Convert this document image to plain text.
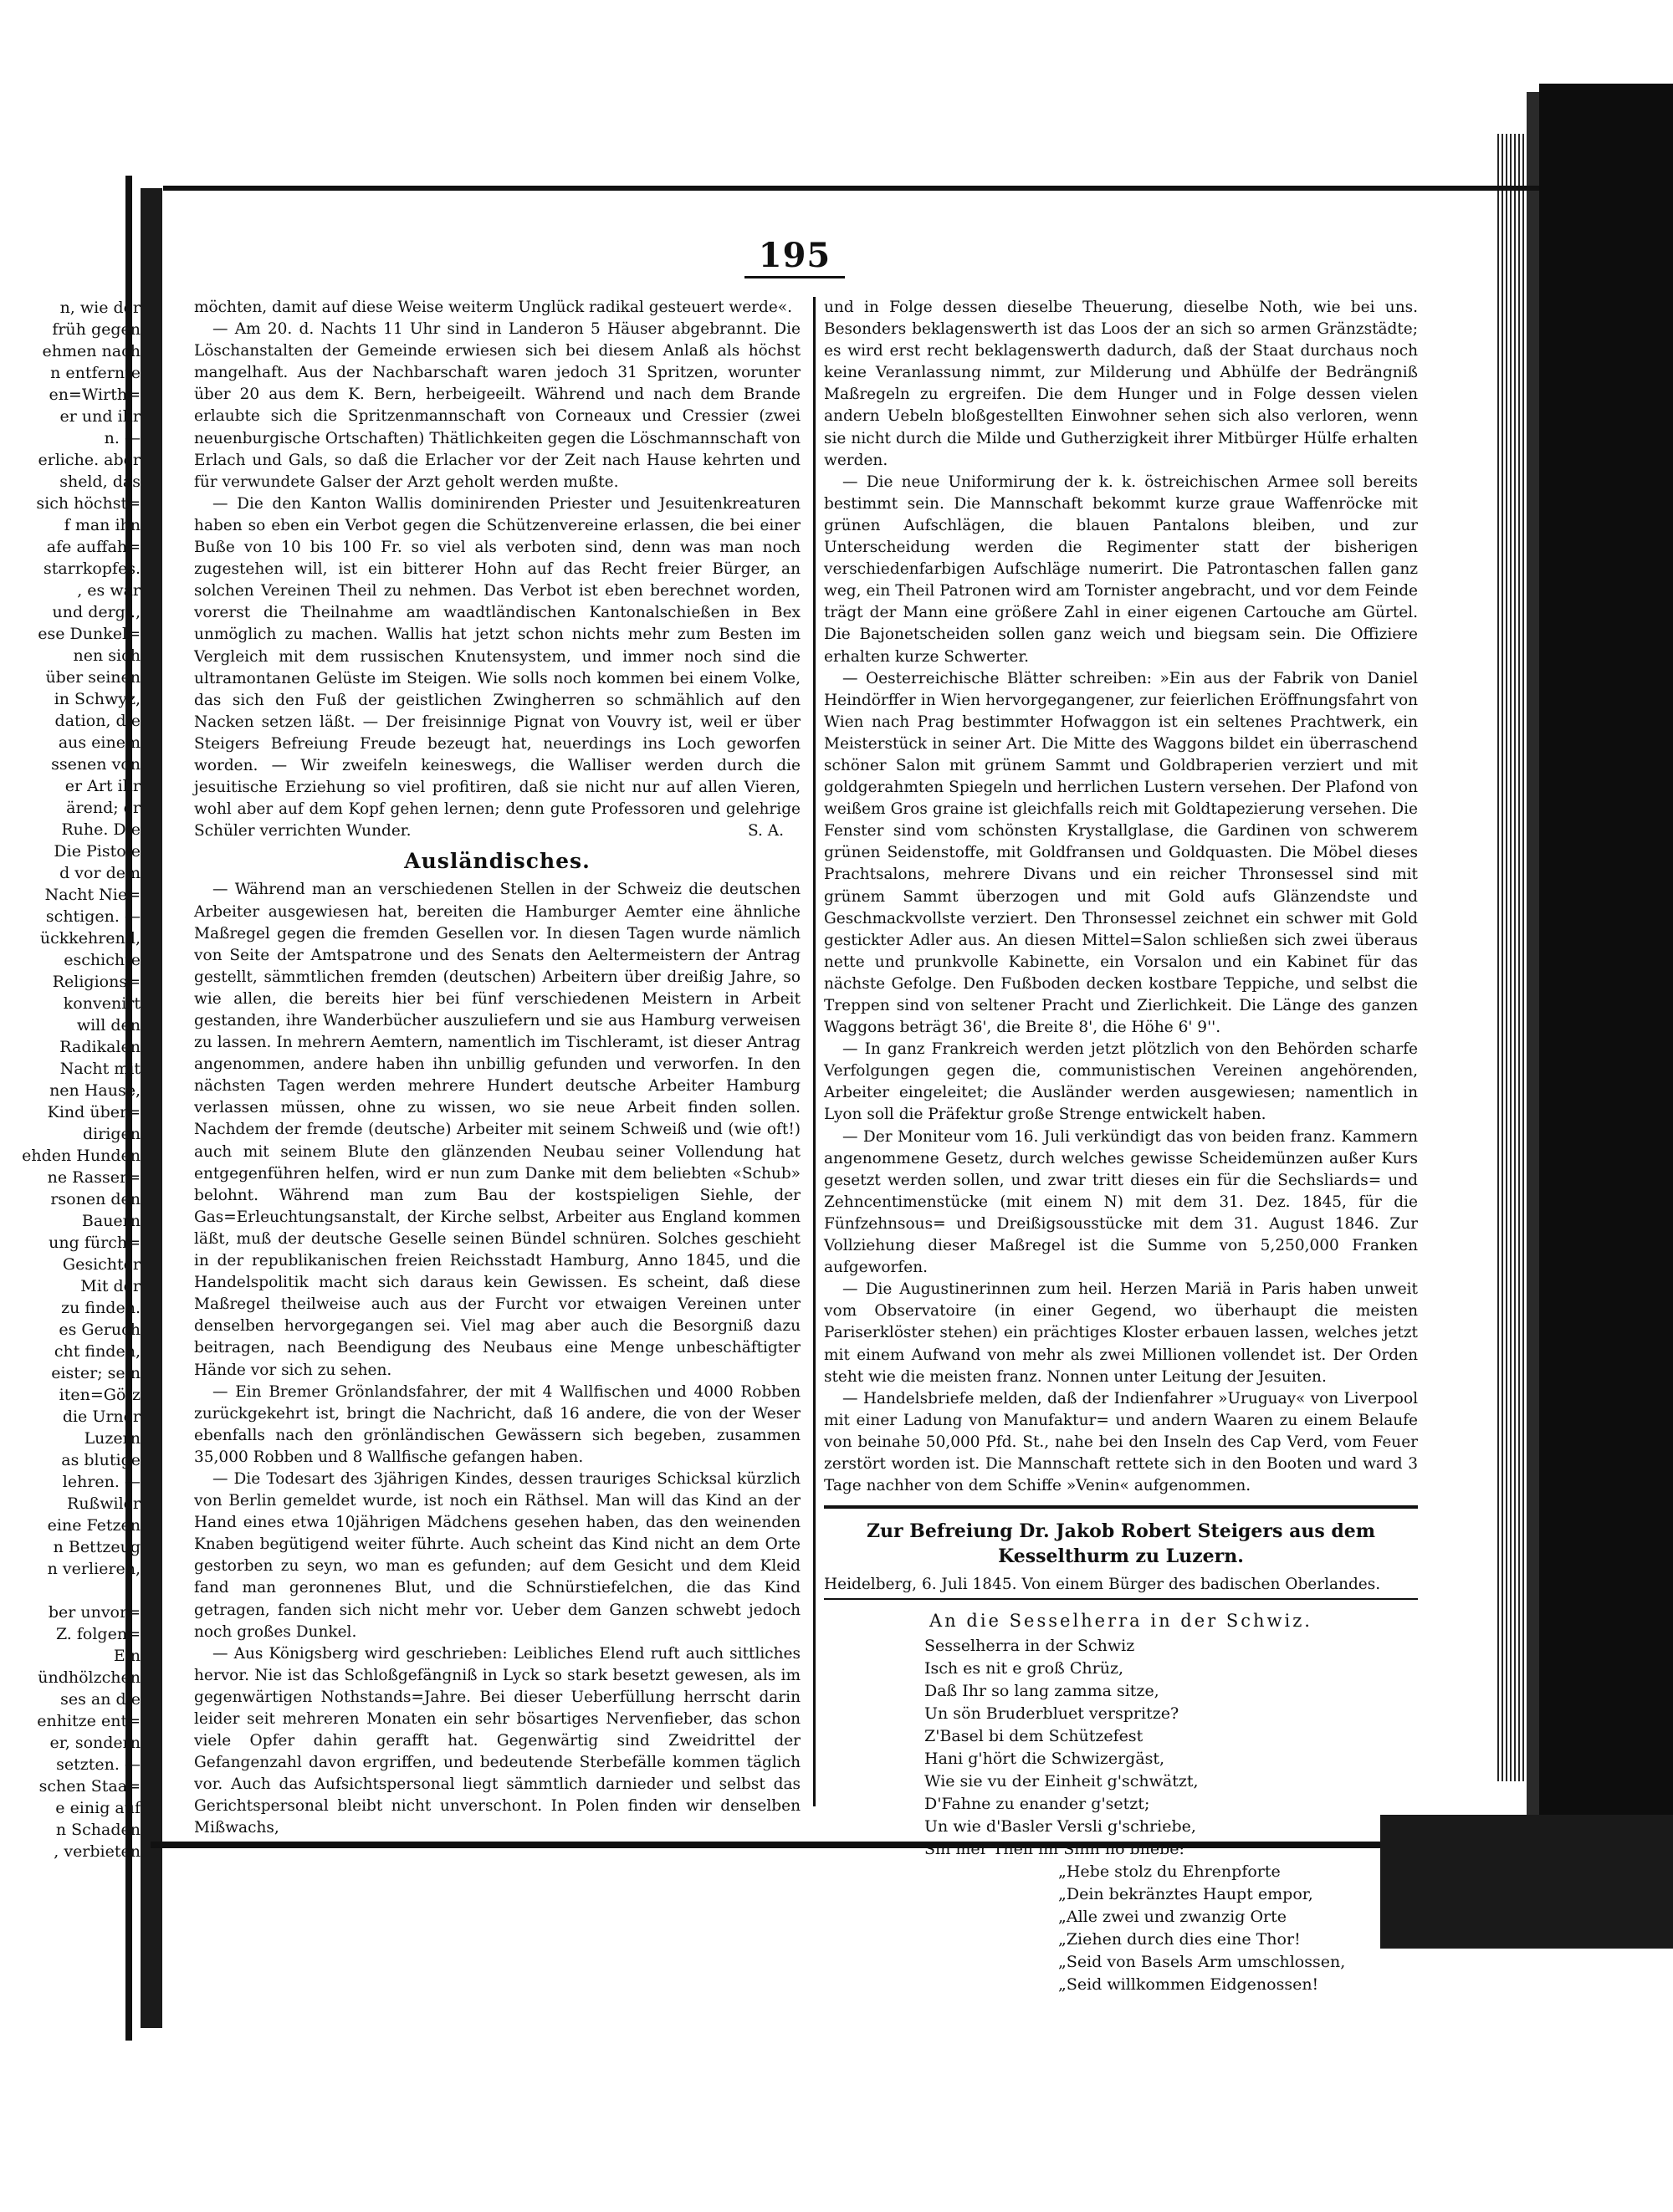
195
n, wie der
früh gegen
ehmen nach
n entfernte
en=Wirth=
er und ihr
n. —
erliche. aber
sheld, das
sich höchst=
f man ihn
afe auffah=
starrkopfes.
, es war
und dergl.,
ese Dunkel=
nen sich
über seinen
in Schwyz,
dation, die
aus einem
ssenen von
er Art ihr
ärend; er
Ruhe. Die
Die Pistole
d vor dem
Nacht Nie=
schtigen. —
ückkehrend,
eschichte
Religions=
konvenirt
will den
Radikalen
Nacht mit
nen Hause,
Kind über=
dirigen
ehden Hunden
ne Rasser=
rsonen den
Bauern
ung fürch=
Gesichter
Mit der
zu finden.
es Geruch
cht finden,
eister; sein
iten=Götz
die Urner
Luzern
as blutige
lehren. —
Rußwiler
eine Fetzen
n Bettzeug
n verlieren,
ber unvor=
Z. folgen=
Ein
ündhölzchen
ses an die
enhitze ent=
er, sondern
setzten. —
schen Staa=
e einig auf
n Schaden
, verbieten

möchten, damit auf diese Weise weiterm Unglück radikal gesteuert werde«.

— Am 20. d. Nachts 11 Uhr sind in Landeron 5 Häuser abgebrannt. Die Löschanstalten der Gemeinde erwiesen sich bei diesem Anlaß als höchst mangelhaft. Aus der Nachbarschaft waren jedoch 31 Spritzen, worunter über 20 aus dem K. Bern, herbeigeeilt. Während und nach dem Brande erlaubte sich die Spritzenmannschaft von Corneaux und Cressier (zwei neuenburgische Ortschaften) Thätlichkeiten gegen die Löschmannschaft von Erlach und Gals, so daß die Erlacher vor der Zeit nach Hause kehrten und für verwundete Galser der Arzt geholt werden mußte.

— Die den Kanton Wallis dominirenden Priester und Jesuitenkreaturen haben so eben ein Verbot gegen die Schützenvereine erlassen, die bei einer Buße von 10 bis 100 Fr. so viel als verboten sind, denn was man noch zugestehen will, ist ein bitterer Hohn auf das Recht freier Bürger, an solchen Vereinen Theil zu nehmen. Das Verbot ist eben berechnet worden, vorerst die Theilnahme am waadtländischen Kantonalschießen in Bex unmöglich zu machen. Wallis hat jetzt schon nichts mehr zum Besten im Vergleich mit dem russischen Knutensystem, und immer noch sind die ultramontanen Gelüste im Steigen. Wie solls noch kommen bei einem Volke, das sich den Fuß der geistlichen Zwingherren so schmählich auf den Nacken setzen läßt. — Der freisinnige Pignat von Vouvry ist, weil er über Steigers Befreiung Freude bezeugt hat, neuerdings ins Loch geworfen worden. — Wir zweifeln keineswegs, die Walliser werden durch die jesuitische Erziehung so viel profitiren, daß sie nicht nur auf allen Vieren, wohl aber auf dem Kopf gehen lernen; denn gute Professoren und gelehrige Schüler verrichten Wunder.	S. A.

Ausländisches.

— Während man an verschiedenen Stellen in der Schweiz die deutschen Arbeiter ausgewiesen hat, bereiten die Hamburger Aemter eine ähnliche Maßregel gegen die fremden Gesellen vor. In diesen Tagen wurde nämlich von Seite der Amtspatrone und des Senats den Aeltermeistern der Antrag gestellt, sämmtlichen fremden (deutschen) Arbeitern über dreißig Jahre, so wie allen, die bereits hier bei fünf verschiedenen Meistern in Arbeit gestanden, ihre Wanderbücher auszuliefern und sie aus Hamburg verweisen zu lassen. In mehrern Aemtern, namentlich im Tischleramt, ist dieser Antrag angenommen, andere haben ihn unbillig gefunden und verworfen. In den nächsten Tagen werden mehrere Hundert deutsche Arbeiter Hamburg verlassen müssen, ohne zu wissen, wo sie neue Arbeit finden sollen. Nachdem der fremde (deutsche) Arbeiter mit seinem Schweiß und (wie oft!) auch mit seinem Blute den glänzenden Neubau seiner Vollendung hat entgegenführen helfen, wird er nun zum Danke mit dem beliebten «Schub» belohnt. Während man zum Bau der kostspieligen Siehle, der Gas=Erleuchtungsanstalt, der Kirche selbst, Arbeiter aus England kommen läßt, muß der deutsche Geselle seinen Bündel schnüren. Solches geschieht in der republikanischen freien Reichsstadt Hamburg, Anno 1845, und die Handelspolitik macht sich daraus kein Gewissen. Es scheint, daß diese Maßregel theilweise auch aus der Furcht vor etwaigen Vereinen unter denselben hervorgegangen sei. Viel mag aber auch die Besorgniß dazu beitragen, nach Beendigung des Neubaus eine Menge unbeschäftigter Hände vor sich zu sehen.

— Ein Bremer Grönlandsfahrer, der mit 4 Wallfischen und 4000 Robben zurückgekehrt ist, bringt die Nachricht, daß 16 andere, die von der Weser ebenfalls nach den grönländischen Gewässern sich begeben, zusammen 35,000 Robben und 8 Wallfische gefangen haben.

— Die Todesart des 3jährigen Kindes, dessen trauriges Schicksal kürzlich von Berlin gemeldet wurde, ist noch ein Räthsel. Man will das Kind an der Hand eines etwa 10jährigen Mädchens gesehen haben, das den weinenden Knaben begütigend weiter führte. Auch scheint das Kind nicht an dem Orte gestorben zu seyn, wo man es gefunden; auf dem Gesicht und dem Kleid fand man geronnenes Blut, und die Schnürstiefelchen, die das Kind getragen, fanden sich nicht mehr vor. Ueber dem Ganzen schwebt jedoch noch großes Dunkel.

— Aus Königsberg wird geschrieben: Leibliches Elend ruft auch sittliches hervor. Nie ist das Schloßgefängniß in Lyck so stark besetzt gewesen, als im gegenwärtigen Nothstands=Jahre. Bei dieser Ueberfüllung herrscht darin leider seit mehreren Monaten ein sehr bösartiges Nervenfieber, das schon viele Opfer dahin gerafft hat. Gegenwärtig sind Zweidrittel der Gefangenzahl davon ergriffen, und bedeutende Sterbefälle kommen täglich vor. Auch das Aufsichtspersonal liegt sämmtlich darnieder und selbst das Gerichtspersonal bleibt nicht unverschont. In Polen finden wir denselben Mißwachs,

und in Folge dessen dieselbe Theuerung, dieselbe Noth, wie bei uns. Besonders beklagenswerth ist das Loos der an sich so armen Gränzstädte; es wird erst recht beklagenswerth dadurch, daß der Staat durchaus noch keine Veranlassung nimmt, zur Milderung und Abhülfe der Bedrängniß Maßregeln zu ergreifen. Die dem Hunger und in Folge dessen vielen andern Uebeln bloßgestellten Einwohner sehen sich also verloren, wenn sie nicht durch die Milde und Gutherzigkeit ihrer Mitbürger Hülfe erhalten werden.

— Die neue Uniformirung der k. k. östreichischen Armee soll bereits bestimmt sein. Die Mannschaft bekommt kurze graue Waffenröcke mit grünen Aufschlägen, die blauen Pantalons bleiben, und zur Unterscheidung werden die Regimenter statt der bisherigen verschiedenfarbigen Aufschläge numerirt. Die Patrontaschen fallen ganz weg, ein Theil Patronen wird am Tornister angebracht, und vor dem Feinde trägt der Mann eine größere Zahl in einer eigenen Cartouche am Gürtel. Die Bajonetscheiden sollen ganz weich und biegsam sein. Die Offiziere erhalten kurze Schwerter.

— Oesterreichische Blätter schreiben: »Ein aus der Fabrik von Daniel Heindörffer in Wien hervorgegangener, zur feierlichen Eröffnungsfahrt von Wien nach Prag bestimmter Hofwaggon ist ein seltenes Prachtwerk, ein Meisterstück in seiner Art. Die Mitte des Waggons bildet ein überraschend schöner Salon mit grünem Sammt und Goldbraperien verziert und mit goldgerahmten Spiegeln und herrlichen Lustern versehen. Der Plafond von weißem Gros graine ist gleichfalls reich mit Goldtapezierung versehen. Die Fenster sind vom schönsten Krystallglase, die Gardinen von schwerem grünen Seidenstoffe, mit Goldfransen und Goldquasten. Die Möbel dieses Prachtsalons, mehrere Divans und ein reicher Thronsessel sind mit grünem Sammt überzogen und mit Gold aufs Glänzendste und Geschmackvollste verziert. Den Thronsessel zeichnet ein schwer mit Gold gestickter Adler aus. An diesen Mittel=Salon schließen sich zwei überaus nette und prunkvolle Kabinette, ein Vorsalon und ein Kabinet für das nächste Gefolge. Den Fußboden decken kostbare Teppiche, und selbst die Treppen sind von seltener Pracht und Zierlichkeit. Die Länge des ganzen Waggons beträgt 36', die Breite 8', die Höhe 6' 9''.

— In ganz Frankreich werden jetzt plötzlich von den Behörden scharfe Verfolgungen gegen die, communistischen Vereinen angehörenden, Arbeiter eingeleitet; die Ausländer werden ausgewiesen; namentlich in Lyon soll die Präfektur große Strenge entwickelt haben.

— Der Moniteur vom 16. Juli verkündigt das von beiden franz. Kammern angenommene Gesetz, durch welches gewisse Scheidemünzen außer Kurs gesetzt werden sollen, und zwar tritt dieses ein für die Sechsliards= und Zehncentimenstücke (mit einem N) mit dem 31. Dez. 1845, für die Fünfzehnsous= und Dreißigsousstücke mit dem 31. August 1846. Zur Vollziehung dieser Maßregel ist die Summe von 5,250,000 Franken aufgeworfen.

— Die Augustinerinnen zum heil. Herzen Mariä in Paris haben unweit vom Observatoire (in einer Gegend, wo überhaupt die meisten Pariserklöster stehen) ein prächtiges Kloster erbauen lassen, welches jetzt mit einem Aufwand von mehr als zwei Millionen vollendet ist. Der Orden steht wie die meisten franz. Nonnen unter Leitung der Jesuiten.

— Handelsbriefe melden, daß der Indienfahrer »Uruguay« von Liverpool mit einer Ladung von Manufaktur= und andern Waaren zu einem Belaufe von beinahe 50,000 Pfd. St., nahe bei den Inseln des Cap Verd, vom Feuer zerstört worden ist. Die Mannschaft rettete sich in den Booten und ward 3 Tage nachher von dem Schiffe »Venin« aufgenommen.

Zur Befreiung Dr. Jakob Robert Steigers aus dem Kesselthurm zu Luzern.

Heidelberg, 6. Juli 1845. Von einem Bürger des badischen Oberlandes.

An die Sesselherra in der Schwiz.
Sesselherra in der Schwiz
Isch es nit e groß Chrüz,
Daß Ihr so lang zamma sitze,
Un sön Bruderbluet verspritze?
Z'Basel bi dem Schützefest
Hani g'hört die Schwizergäst,
Wie sie vu der Einheit g'schwätzt,
D'Fahne zu enander g'setzt;
Un wie d'Basler Versli g'schriebe,
Sin mer Theil im Sinn no bliebe:
„Hebe stolz du Ehrenpforte
„Dein bekränztes Haupt empor,
„Alle zwei und zwanzig Orte
„Ziehen durch dies eine Thor!
„Seid von Basels Arm umschlossen,
„Seid willkommen Eidgenossen!
